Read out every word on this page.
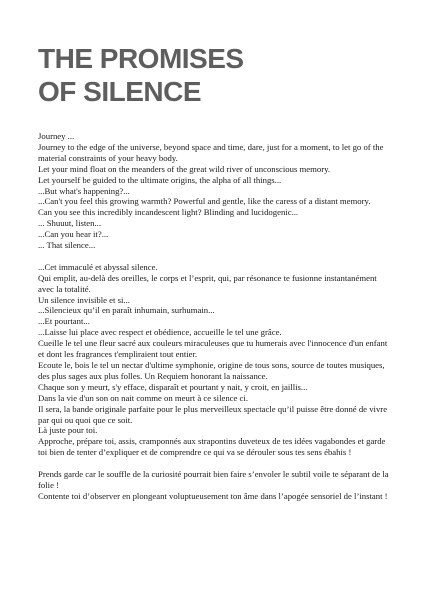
THE PROMISES
OF SILENCE
Journey ...
Journey to the edge of the universe, beyond space and time, dare, just for a moment, to let go of the material constraints of your heavy body.
Let your mind float on the meanders of the great wild river of unconscious memory.
Let yourself be guided to the ultimate origins, the alpha of all things...
...But what's happening?...
...Can't you feel this growing warmth? Powerful and gentle, like the caress of a distant memory.
Can you see this incredibly incandescent light? Blinding and lucidogenic...
... Shuuut, listen...
...Can you hear it?...
... That silence...
...Cet immaculé et abyssal silence.
Qui emplit, au-delà des oreilles, le corps et l’esprit, qui, par résonance te fusionne instantanément avec la totalité.
Un silence invisible et si...
...Silencieux qu’il en paraît inhumain, surhumain...
...Et pourtant...
...Laisse lui place avec respect et obédience, accueille le tel une grâce.
Cueille le tel une fleur sacré aux couleurs miraculeuses que tu humerais avec l'innocence d'un enfant et dont les fragrances t'empliraient tout entier.
Ecoute le, bois le tel un nectar d'ultime symphonie, origine de tous sons, source de toutes musiques, des plus sages aux plus folles. Un Requiem honorant la naissance.
Chaque son y meurt, s'y efface, disparaît et pourtant y nait, y croit, en jaillis...
Dans la vie d'un son on nait comme on meurt à ce silence ci.
Il sera, la bande originale parfaite pour le plus merveilleux spectacle qu’il puisse être donné de vivre par qui ou quoi que ce soit.
Là juste pour toi.
Approche, prépare toi, assis, cramponnés aux strapontins duveteux de tes idées vagabondes et garde toi bien de tenter d’expliquer et de comprendre ce qui va se dérouler sous tes sens ébahis !
Prends garde car le souffle de la curiosité pourrait bien faire s’envoler le subtil voile te séparant de la folie !
Contente toi d’observer en plongeant voluptueusement ton âme dans l’apogée sensoriel de l’instant !
